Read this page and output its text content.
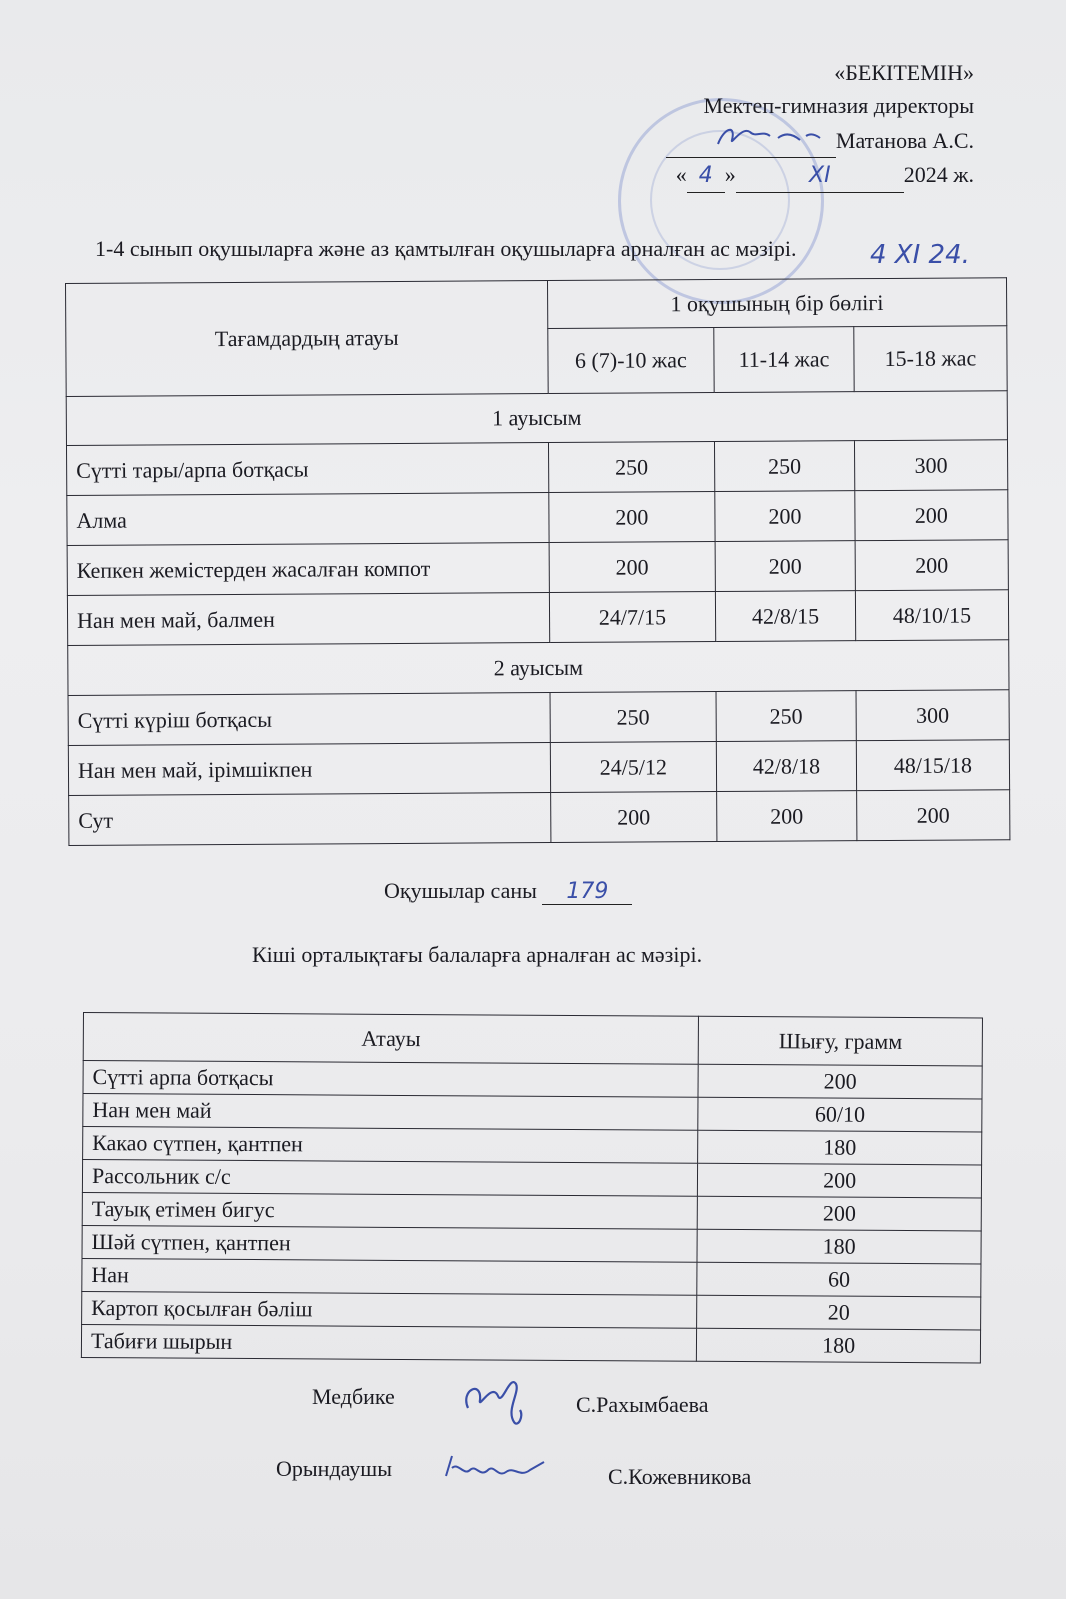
«БЕКІТЕМІН»
Мектеп-гимназия директоры
Матанова А.С.
« 4 »	XI	2024 ж.
1-4 сынып оқушыларға және аз қамтылған оқушыларға арналған ас мәзірі.	4 XI 24.
Тағамдардың атауы	1 оқушының бір бөлігі		
	6 (7)-10 жас	11-14 жас	15-18 жас
1 ауысым			
Сүтті тары/арпа ботқасы	250	250	300
Алма	200	200	200
Кепкен жемістерден жасалған компот	200	200	200
Нан мен май, балмен	24/7/15	42/8/15	48/10/15
2 ауысым			
Сүтті күріш ботқасы	250	250	300
Нан мен май, ірімшікпен	24/5/12	42/8/18	48/15/18
Сут	200	200	200
Оқушылар саны 179
Кіші орталықтағы балаларға арналған ас мәзірі.
Атауы	Шығу, грамм
Сүтті арпа ботқасы	200
Нан мен май	60/10
Какао сүтпен, қантпен	180
Рассольник с/с	200
Тауық етімен бигус	200
Шәй сүтпен, қантпен	180
Нан	60
Картоп қосылған бәліш	20
Табиғи шырын	180
Медбике	С.Рахымбаева
Орындаушы	С.Кожевникова
